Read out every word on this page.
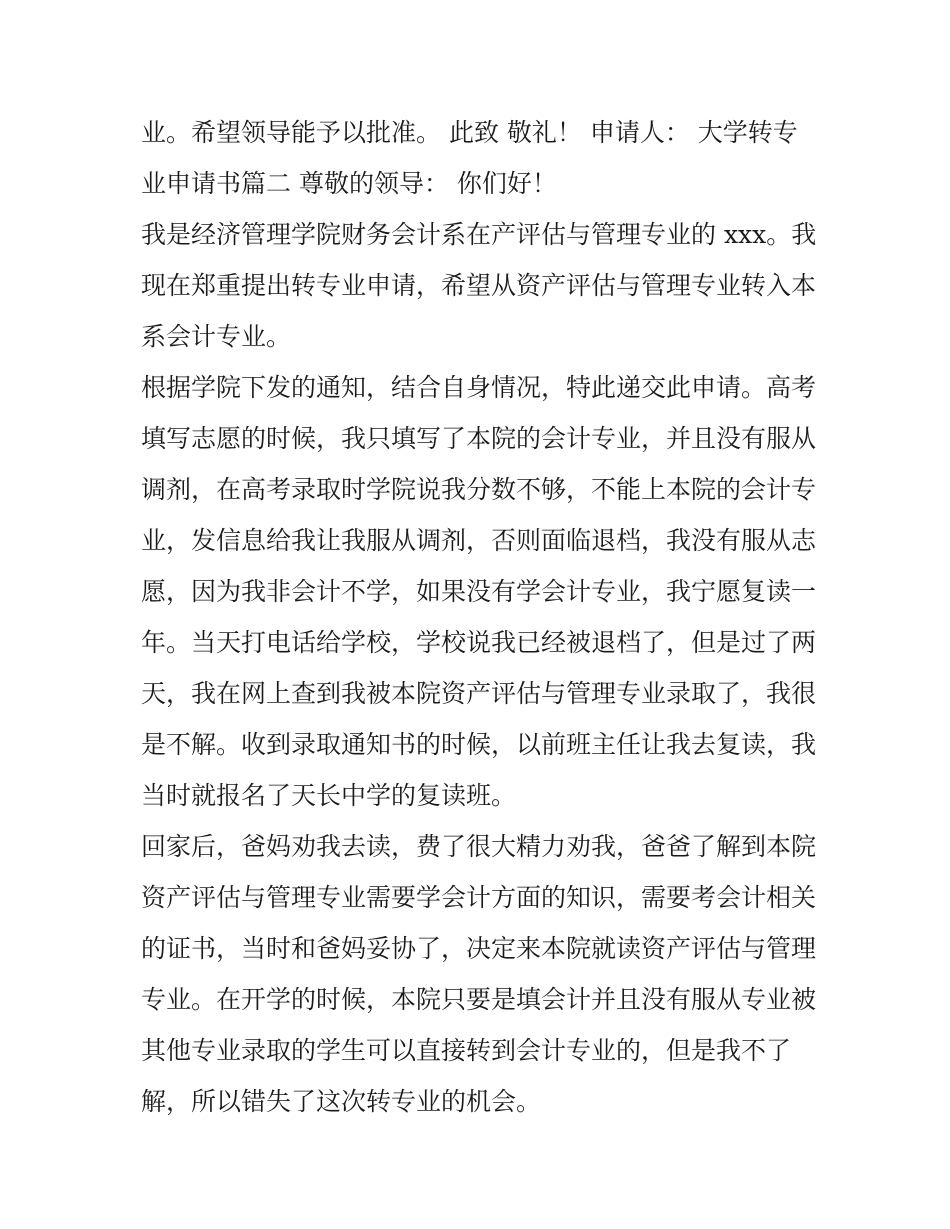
业。希望领导能予以批准。 此致 敬礼！ 申请人： 大学转专
业申请书篇二 尊敬的领导： 你们好！
我是经济管理学院财务会计系在产评估与管理专业的 xxx。我
现在郑重提出转专业申请，希望从资产评估与管理专业转入本
系会计专业。
根据学院下发的通知，结合自身情况，特此递交此申请。高考
填写志愿的时候，我只填写了本院的会计专业，并且没有服从
调剂，在高考录取时学院说我分数不够，不能上本院的会计专
业，发信息给我让我服从调剂，否则面临退档，我没有服从志
愿，因为我非会计不学，如果没有学会计专业，我宁愿复读一
年。当天打电话给学校，学校说我已经被退档了，但是过了两
天，我在网上查到我被本院资产评估与管理专业录取了，我很
是不解。收到录取通知书的时候，以前班主任让我去复读，我
当时就报名了天长中学的复读班。
回家后，爸妈劝我去读，费了很大精力劝我，爸爸了解到本院
资产评估与管理专业需要学会计方面的知识，需要考会计相关
的证书，当时和爸妈妥协了，决定来本院就读资产评估与管理
专业。在开学的时候，本院只要是填会计并且没有服从专业被
其他专业录取的学生可以直接转到会计专业的，但是我不了
解，所以错失了这次转专业的机会。
